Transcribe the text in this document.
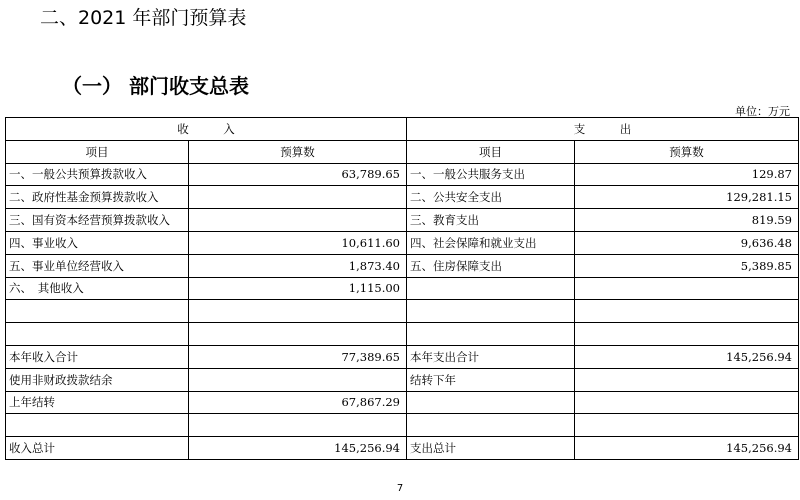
二、2021 年部门预算表
（一） 部门收支总表
单位：万元
收　　　入		支　　　出	
项目	预算数	项目	预算数
一、一般公共预算拨款收入	63,789.65	一、一般公共服务支出	129.87
二、政府性基金预算拨款收入		二、公共安全支出	129,281.15
三、国有资本经营预算拨款收入		三、教育支出	819.59
四、事业收入	10,611.60	四、社会保障和就业支出	9,636.48
五、事业单位经营收入	1,873.40	五、住房保障支出	5,389.85
六、　其他收入	1,115.00		

本年收入合计	77,389.65	本年支出合计	145,256.94
使用非财政拨款结余		结转下年	
上年结转	67,867.29		

收入总计	145,256.94	支出总计	145,256.94
7
